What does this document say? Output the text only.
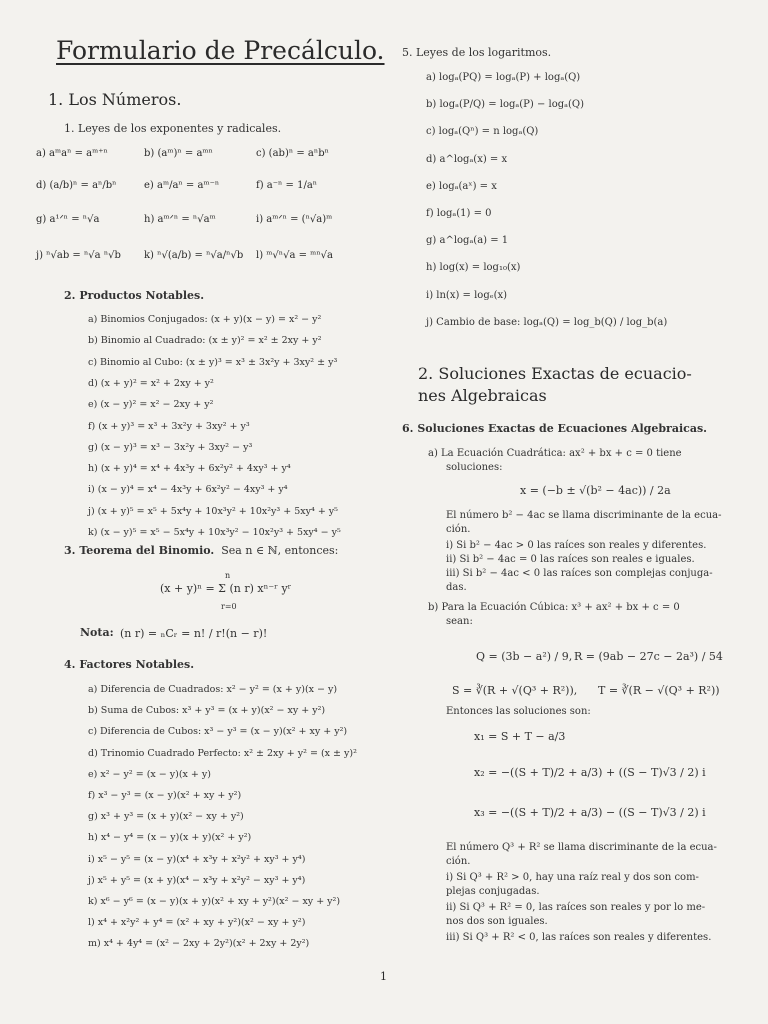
Formulario de Precálculo.
1. Los Números.
1. Leyes de los exponentes y radicales.
a) aᵐaⁿ = aᵐ⁺ⁿ	b) (aᵐ)ⁿ = aᵐⁿ	c) (ab)ⁿ = aⁿbⁿ
d) (a/b)ⁿ = aⁿ/bⁿ	e) aᵐ/aⁿ = aᵐ⁻ⁿ	f) a⁻ⁿ = 1/aⁿ
g) a¹ᐟⁿ = ⁿ√a	h) aᵐᐟⁿ = ⁿ√aᵐ	i) aᵐᐟⁿ = (ⁿ√a)ᵐ
j) ⁿ√ab = ⁿ√a ⁿ√b	k) ⁿ√(a/b) = ⁿ√a/ⁿ√b	l) ᵐ√ⁿ√a = ᵐⁿ√a
2. Productos Notables.
a) Binomios Conjugados: (x + y)(x − y) = x² − y²
b) Binomio al Cuadrado: (x ± y)² = x² ± 2xy + y²
c) Binomio al Cubo: (x ± y)³ = x³ ± 3x²y + 3xy² ± y³
d) (x + y)² = x² + 2xy + y²
e) (x − y)² = x² − 2xy + y²
f) (x + y)³ = x³ + 3x²y + 3xy² + y³
g) (x − y)³ = x³ − 3x²y + 3xy² − y³
h) (x + y)⁴ = x⁴ + 4x³y + 6x²y² + 4xy³ + y⁴
i) (x − y)⁴ = x⁴ − 4x³y + 6x²y² − 4xy³ + y⁴
j) (x + y)⁵ = x⁵ + 5x⁴y + 10x³y² + 10x²y³ + 5xy⁴ + y⁵
k) (x − y)⁵ = x⁵ − 5x⁴y + 10x³y² − 10x²y³ + 5xy⁴ − y⁵
3. Teorema del Binomio. Sea n ∈ ℕ, entonces:
(x + y)ⁿ = Σ (n r) xⁿ⁻ʳ yʳ
n
r=0
Nota: (n r) = ₙCᵣ = n! / r!(n − r)!
4. Factores Notables.
a) Diferencia de Cuadrados: x² − y² = (x + y)(x − y)
b) Suma de Cubos: x³ + y³ = (x + y)(x² − xy + y²)
c) Diferencia de Cubos: x³ − y³ = (x − y)(x² + xy + y²)
d) Trinomio Cuadrado Perfecto: x² ± 2xy + y² = (x ± y)²
e) x² − y² = (x − y)(x + y)
f) x³ − y³ = (x − y)(x² + xy + y²)
g) x³ + y³ = (x + y)(x² − xy + y²)
h) x⁴ − y⁴ = (x − y)(x + y)(x² + y²)
i) x⁵ − y⁵ = (x − y)(x⁴ + x³y + x²y² + xy³ + y⁴)
j) x⁵ + y⁵ = (x + y)(x⁴ − x³y + x²y² − xy³ + y⁴)
k) x⁶ − y⁶ = (x − y)(x + y)(x² + xy + y²)(x² − xy + y²)
l) x⁴ + x²y² + y⁴ = (x² + xy + y²)(x² − xy + y²)
m) x⁴ + 4y⁴ = (x² − 2xy + 2y²)(x² + 2xy + 2y²)
5. Leyes de los logaritmos.
a) logₐ(PQ) = logₐ(P) + logₐ(Q)
b) logₐ(P/Q) = logₐ(P) − logₐ(Q)
c) logₐ(Qⁿ) = n logₐ(Q)
d) a^logₐ(x) = x
e) logₐ(aˣ) = x
f) logₐ(1) = 0
g) a^logₐ(a) = 1
h) log(x) = log₁₀(x)
i) ln(x) = logₑ(x)
j) Cambio de base: logₐ(Q) = log_b(Q) / log_b(a)
2. Soluciones Exactas de ecuacio-
nes Algebraicas
6. Soluciones Exactas de Ecuaciones Algebraicas.
a) La Ecuación Cuadrática: ax² + bx + c = 0 tiene
soluciones:
x = (−b ± √(b² − 4ac)) / 2a
El número b² − 4ac se llama discriminante de la ecua-
ción.
i) Si b² − 4ac > 0 las raíces son reales y diferentes.
ii) Si b² − 4ac = 0 las raíces son reales e iguales.
iii) Si b² − 4ac < 0 las raíces son complejas conjuga-
das.
b) Para la Ecuación Cúbica: x³ + ax² + bx + c = 0
sean:
Q = (3b − a²) / 9, R = (9ab − 27c − 2a³) / 54
S = ∛(R + √(Q³ + R²)), T = ∛(R − √(Q³ + R²))
Entonces las soluciones son:
x₁ = S + T − a/3
x₂ = −((S + T)/2 + a/3) + ((S − T)√3 / 2) i
x₃ = −((S + T)/2 + a/3) − ((S − T)√3 / 2) i
El número Q³ + R² se llama discriminante de la ecua-
ción.
i) Si Q³ + R² > 0, hay una raíz real y dos son com-
plejas conjugadas.
ii) Si Q³ + R² = 0, las raíces son reales y por lo me-
nos dos son iguales.
iii) Si Q³ + R² < 0, las raíces son reales y diferentes.
1
